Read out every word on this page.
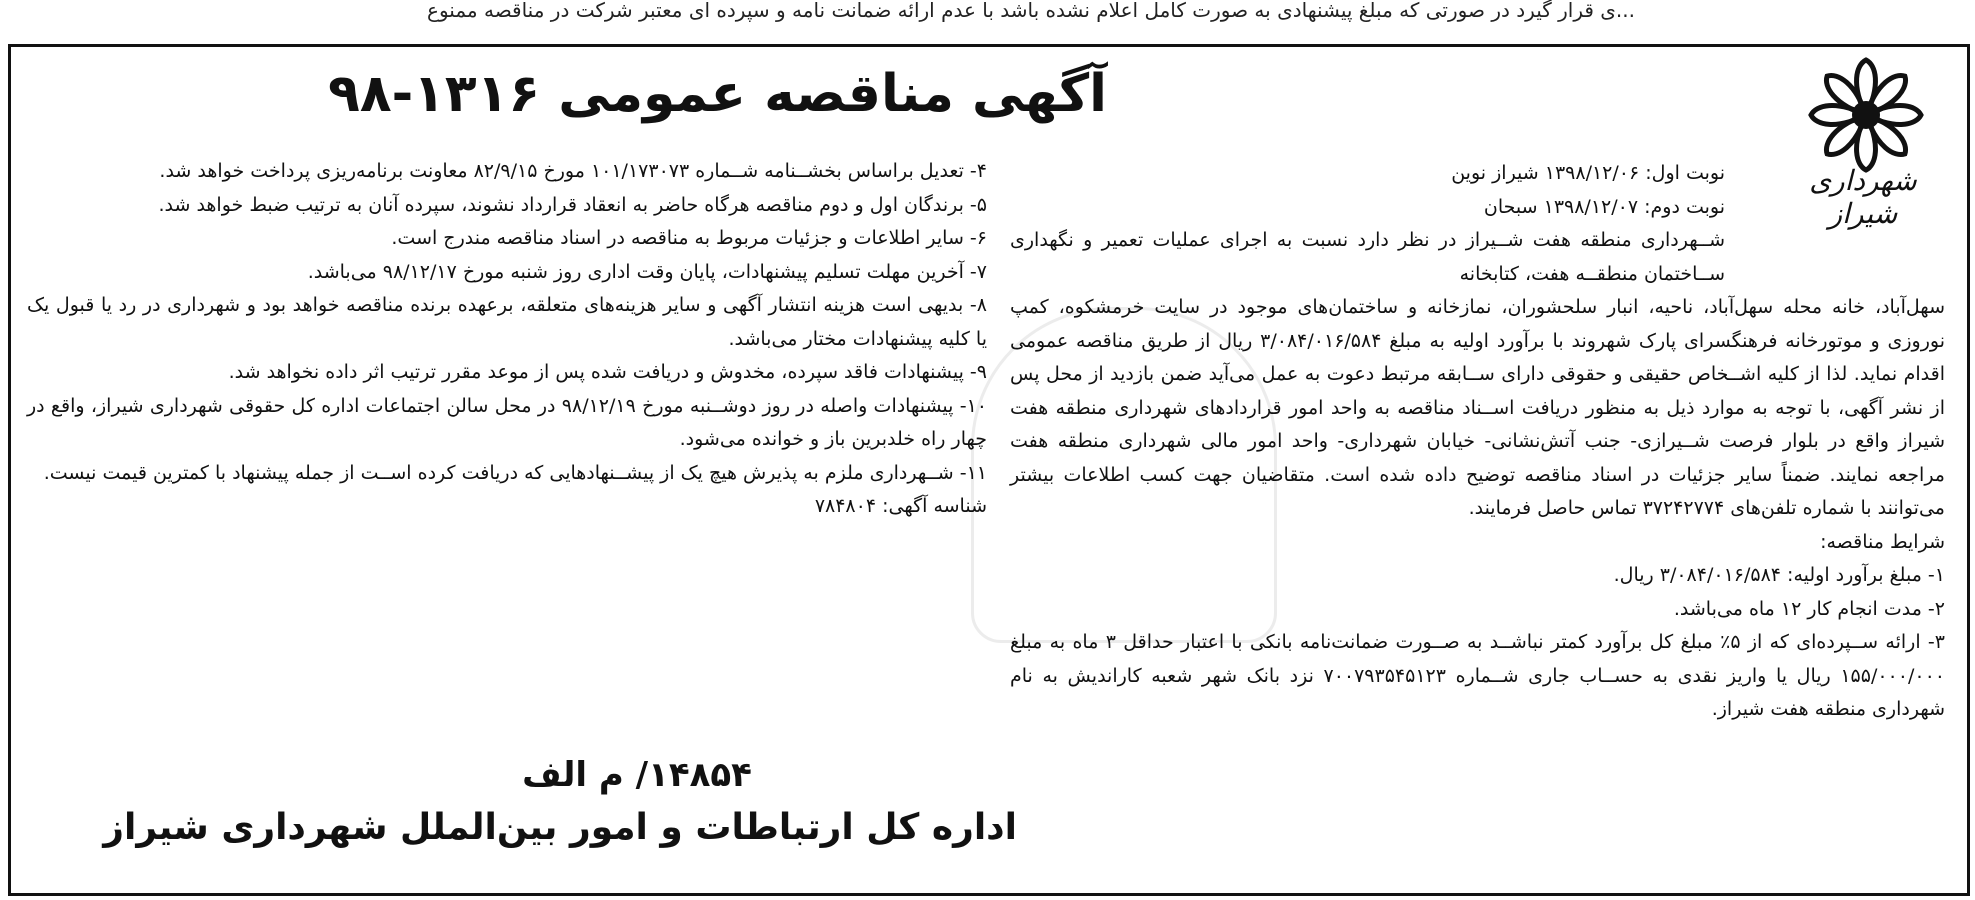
...ی قرار گیرد در صورتی که مبلغ پیشنهادی به صورت کامل اعلام نشده باشد با عدم ارائه ضمانت نامه و سپرده ای معتبر شرکت در مناقصه ممنوع
شهرداری شیراز
آگهی مناقصه عمومی ۱۳۱۶-۹۸

نوبت اول: ۱۳۹۸/۱۲/۰۶ شیراز نوین

نوبت دوم: ۱۳۹۸/۱۲/۰۷ سبحان

شــهرداری منطقه هفت شــیراز در نظر دارد نسبت به اجرای عملیات تعمیر و نگهداری ســاختمان منطقــه هفت، کتابخانه

سهل‌آباد، خانه محله سهل‌آباد، ناحیه، انبار سلحشوران، نمازخانه و ساختمان‌های موجود در سایت خرمشکوه، کمپ نوروزی و موتورخانه فرهنگسرای پارک شهروند با برآورد اولیه به مبلغ ۳/۰۸۴/۰۱۶/۵۸۴ ریال از طریق مناقصه عمومی اقدام نماید. لذا از کلیه اشــخاص حقیقی و حقوقی دارای ســابقه مرتبط دعوت به عمل می‌آید ضمن بازدید از محل پس از نشر آگهی، با توجه به موارد ذیل به منظور دریافت اســناد مناقصه به واحد امور قراردادهای شهرداری منطقه هفت شیراز واقع در بلوار فرصت شــیرازی- جنب آتش‌نشانی- خیابان شهرداری- واحد امور مالی شهرداری منطقه هفت مراجعه نمایند. ضمناً سایر جزئیات در اسناد مناقصه توضیح داده شده است. متقاضیان جهت کسب اطلاعات بیشتر می‌توانند با شماره تلفن‌های ۳۷۲۴۲۷۷۴ تماس حاصل فرمایند.

شرایط مناقصه:

۱- مبلغ برآورد اولیه: ۳/۰۸۴/۰۱۶/۵۸۴ ریال.

۲- مدت انجام کار ۱۲ ماه می‌باشد.

۳- ارائه ســپرده‌ای که از ۵٪ مبلغ کل برآورد کمتر نباشــد به صــورت ضمانت‌نامه بانکی با اعتبار حداقل ۳ ماه به مبلغ ۱۵۵/۰۰۰/۰۰۰ ریال یا واریز نقدی به حســاب جاری شــماره ۷۰۰۷۹۳۵۴۵۱۲۳ نزد بانک شهر شعبه کاراندیش به نام شهرداری منطقه هفت شیراز.

۴- تعدیل براساس بخشــنامه شــماره ۱۰۱/۱۷۳۰۷۳ مورخ ۸۲/۹/۱۵ معاونت برنامه‌ریزی پرداخت خواهد شد.

۵- برندگان اول و دوم مناقصه هرگاه حاضر به انعقاد قرارداد نشوند، سپرده آنان به ترتیب ضبط خواهد شد.

۶- سایر اطلاعات و جزئیات مربوط به مناقصه در اسناد مناقصه مندرج است.

۷- آخرین مهلت تسلیم پیشنهادات، پایان وقت اداری روز شنبه مورخ ۹۸/۱۲/۱۷ می‌باشد.

۸- بدیهی است هزینه انتشار آگهی و سایر هزینه‌های متعلقه، برعهده برنده مناقصه خواهد بود و شهرداری در رد یا قبول یک یا کلیه پیشنهادات مختار می‌باشد.

۹- پیشنهادات فاقد سپرده، مخدوش و دریافت شده پس از موعد مقرر ترتیب اثر داده نخواهد شد.

۱۰- پیشنهادات واصله در روز دوشــنبه مورخ ۹۸/۱۲/۱۹ در محل سالن اجتماعات اداره کل حقوقی شهرداری شیراز، واقع در چهار راه خلدبرین باز و خوانده می‌شود.

۱۱- شــهرداری ملزم به پذیرش هیچ یک از پیشــنهادهایی که دریافت کرده اســت از جمله پیشنهاد با کمترین قیمت نیست.

شناسه آگهی: ۷۸۴۸۰۴

۱۴۸۵۴/ م الف
اداره کل ارتباطات و امور بین‌الملل شهرداری شیراز
